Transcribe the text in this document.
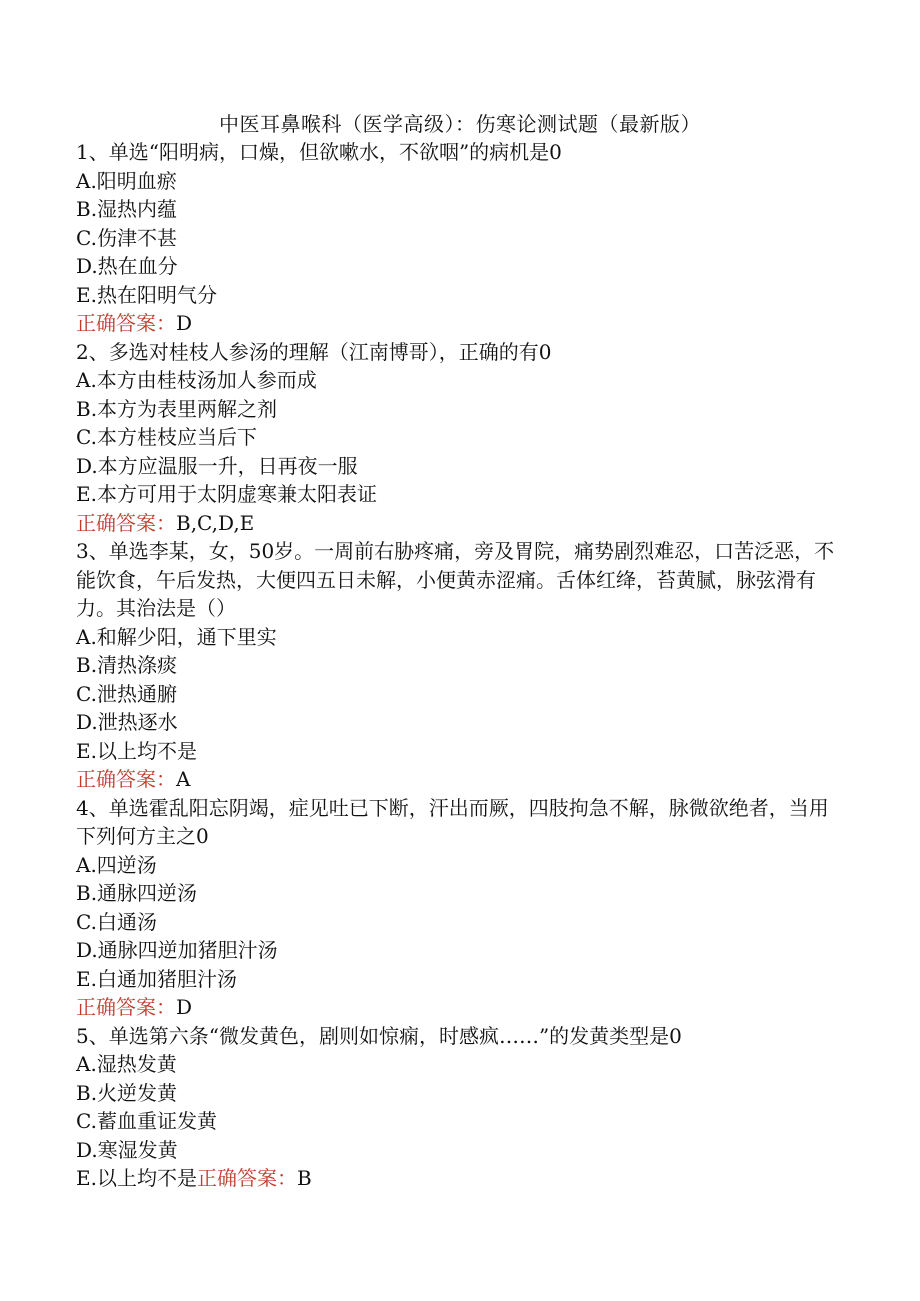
中医耳鼻喉科（医学高级）：伤寒论测试题（最新版）

1、单选“阳明病，口燥，但欲嗽水，不欲咽”的病机是0

A.阳明血瘀

B.湿热内蕴

C.伤津不甚

D.热在血分

E.热在阳明气分

正确答案：D

2、多选对桂枝人参汤的理解（江南博哥），正确的有0

A.本方由桂枝汤加人参而成

B.本方为表里两解之剂

C.本方桂枝应当后下

D.本方应温服一升，日再夜一服

E.本方可用于太阴虚寒兼太阳表证

正确答案：B,C,D,E

3、单选李某，女，50岁。一周前右胁疼痛，旁及胃院，痛势剧烈难忍，口苦泛恶，不能饮食，午后发热，大便四五日未解，小便黄赤涩痛。舌体红绛，苔黄腻，脉弦滑有力。其治法是（）

A.和解少阳，通下里实

B.清热涤痰

C.泄热通腑

D.泄热逐水

E.以上均不是

正确答案：A

4、单选霍乱阳忘阴竭，症见吐已下断，汗出而厥，四肢拘急不解，脉微欲绝者，当用下列何方主之0

A.四逆汤

B.通脉四逆汤

C.白通汤

D.通脉四逆加猪胆汁汤

E.白通加猪胆汁汤

正确答案：D

5、单选第六条“微发黄色，剧则如惊痫，时感疯……”的发黄类型是0

A.湿热发黄

B.火逆发黄

C.蓄血重证发黄

D.寒湿发黄

E.以上均不是正确答案：B
